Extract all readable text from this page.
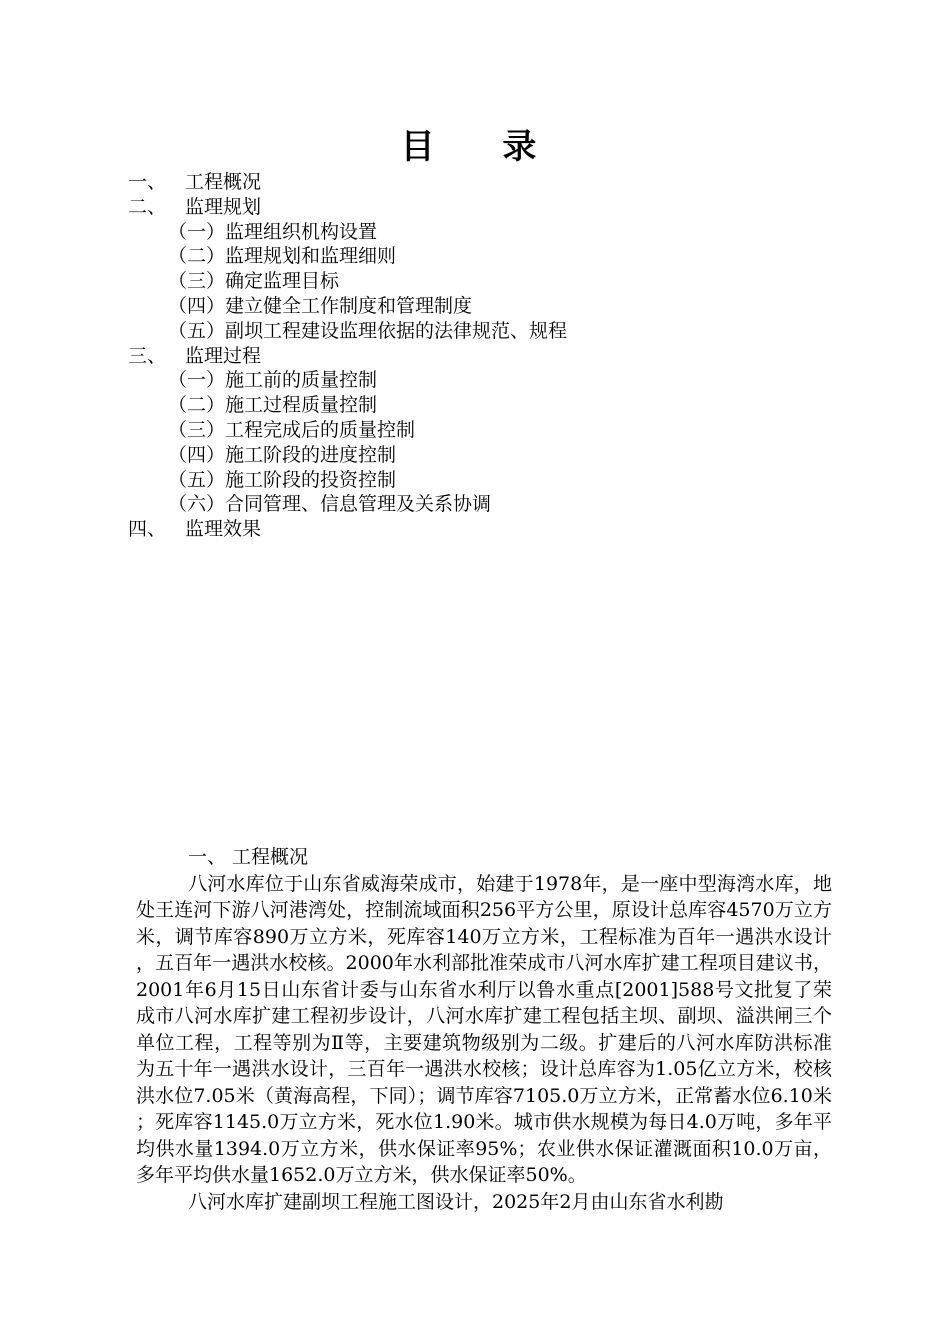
目 录
一、 工程概况
二、 监理规划
（一）监理组织机构设置
（二）监理规划和监理细则
（三）确定监理目标
（四）建立健全工作制度和管理制度
（五）副坝工程建设监理依据的法律规范、规程
三、 监理过程
（一）施工前的质量控制
（二）施工过程质量控制
（三）工程完成后的质量控制
（四）施工阶段的进度控制
（五）施工阶段的投资控制
（六）合同管理、信息管理及关系协调
四、 监理效果
一、 工程概况

八河水库位于山东省威海荣成市，始建于1978年，是一座中型海湾水库，地处王连河下游八河港湾处，控制流域面积256平方公里，原设计总库容4570万立方米，调节库容890万立方米，死库容140万立方米，工程标准为百年一遇洪水设计，五百年一遇洪水校核。2000年水利部批准荣成市八河水库扩建工程项目建议书，2001年6月15日山东省计委与山东省水利厅以鲁水重点[2001]588号文批复了荣成市八河水库扩建工程初步设计，八河水库扩建工程包括主坝、副坝、溢洪闸三个单位工程，工程等别为Ⅱ等，主要建筑物级别为二级。扩建后的八河水库防洪标准为五十年一遇洪水设计，三百年一遇洪水校核；设计总库容为1.05亿立方米，校核洪水位7.05米（黄海高程，下同）；调节库容7105.0万立方米，正常蓄水位6.10米；死库容1145.0万立方米，死水位1.90米。城市供水规模为每日4.0万吨，多年平均供水量1394.0万立方米，供水保证率95%；农业供水保证灌溉面积10.0万亩，多年平均供水量1652.0万立方米，供水保证率50%。

八河水库扩建副坝工程施工图设计，2025年2月由山东省水利勘
